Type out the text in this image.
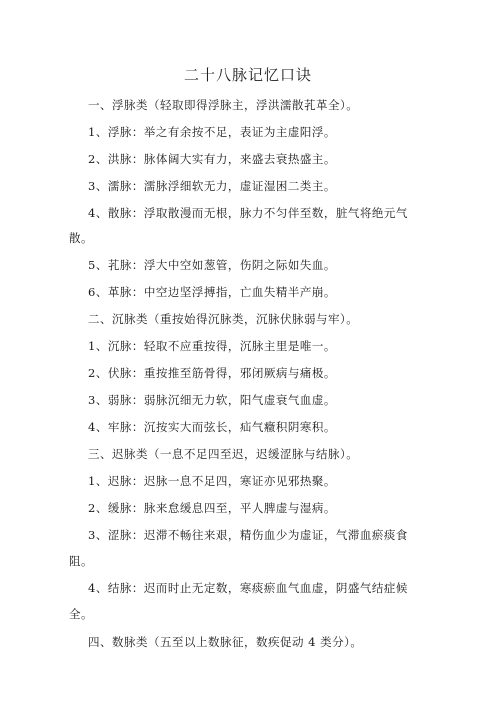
二十八脉记忆口诀
一、浮脉类（轻取即得浮脉主，浮洪濡散芤革全）。
1、浮脉：举之有余按不足，表证为主虚阳浮。
2、洪脉：脉体阔大实有力，来盛去衰热盛主。
3、濡脉：濡脉浮细软无力，虚证湿困二类主。
4、散脉：浮取散漫而无根，脉力不匀伴至数，脏气将绝元气
散。
5、芤脉：浮大中空如葱管，伤阴之际如失血。
6、革脉：中空边坚浮搏指，亡血失精半产崩。
二、沉脉类（重按始得沉脉类，沉脉伏脉弱与牢）。
1、沉脉：轻取不应重按得，沉脉主里是唯一。
2、伏脉：重按推至筋骨得，邪闭厥病与痛极。
3、弱脉：弱脉沉细无力软，阳气虚衰气血虚。
4、牢脉：沉按实大而弦长，疝气癥积阴寒积。
三、迟脉类（一息不足四至迟，迟缓涩脉与结脉）。
1、迟脉：迟脉一息不足四，寒证亦见邪热聚。
2、缓脉：脉来怠缓息四至，平人脾虚与湿病。
3、涩脉：迟滞不畅往来艰，精伤血少为虚证，气滞血瘀痰食
阻。
4、结脉：迟而时止无定数，寒痰瘀血气血虚，阴盛气结症候
全。
四、数脉类（五至以上数脉征，数疾促动 4 类分）。
